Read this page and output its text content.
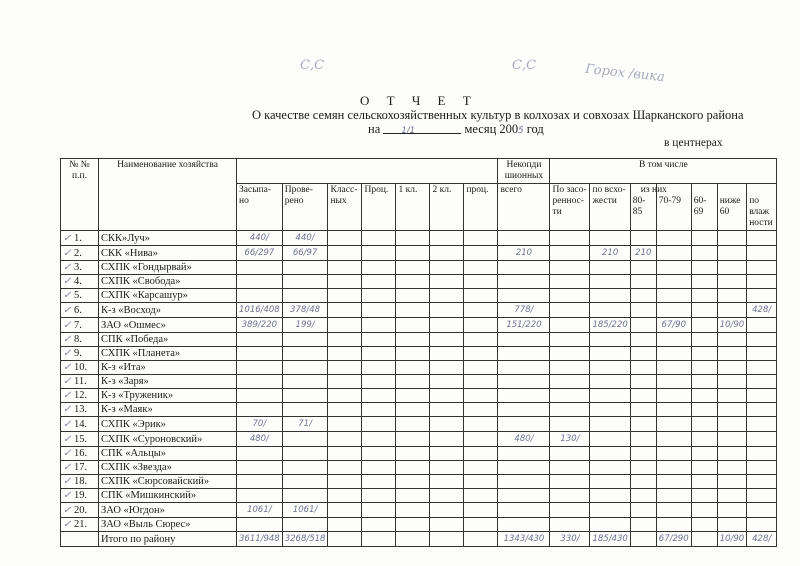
С,С	С,С	Горох /вика
О Т Ч Е Т
О качестве семян сельскохозяйственных культур в колхозах и совхозах Шарканского района
на 1/1	месяц 2005 год
в центнерах
№ № п.п.	Наименование хозяйства								Некопди шионных	В том числе						
		Засыпа- но	Прове- рено	Класс- ных	Проц.	1 кл.	2 кл.	проц.	всего	По засо- реннос- ти	по всхо- жести	из них
80-85	70-79	60-69	ниже 60	по влаж ности
✓ 1.	СКК»Луч»	440/	440/													
✓ 2.	СКК «Нива»	66/297	66/97						210		210	210				
✓ 3.	СХПК «Гондырвай»															
✓ 4.	СХПК «Свобода»															
✓ 5.	СХПК «Карсашур»															
✓ 6.	К-з «Восход»	1016/408	378/48						778/							428/
✓ 7.	ЗАО «Ошмес»	389/220	199/						151/220		185/220		67/90		10/90	
✓ 8.	СПК «Победа»															
✓ 9.	СХПК «Планета»															
✓ 10.	К-з «Ита»															
✓ 11.	К-з «Заря»															
✓ 12.	К-з «Труженик»															
✓ 13.	К-з «Маяк»															
✓ 14.	СХПК «Эрик»	70/	71/													
✓ 15.	СХПК «Суроновский»	480/							480/	130/						
✓ 16.	СПК «Альцы»															
✓ 17.	СХПК «Звезда»															
✓ 18.	СХПК «Сюрсовайский»															
✓ 19.	СПК «Мишкинский»															
✓ 20.	ЗАО «Югдон»	1061/	1061/													
✓ 21.	ЗАО «Выль Сюрес»															
	Итого по району	3611/948	3268/518						1343/430	330/	185/430		67/290		10/90	428/
